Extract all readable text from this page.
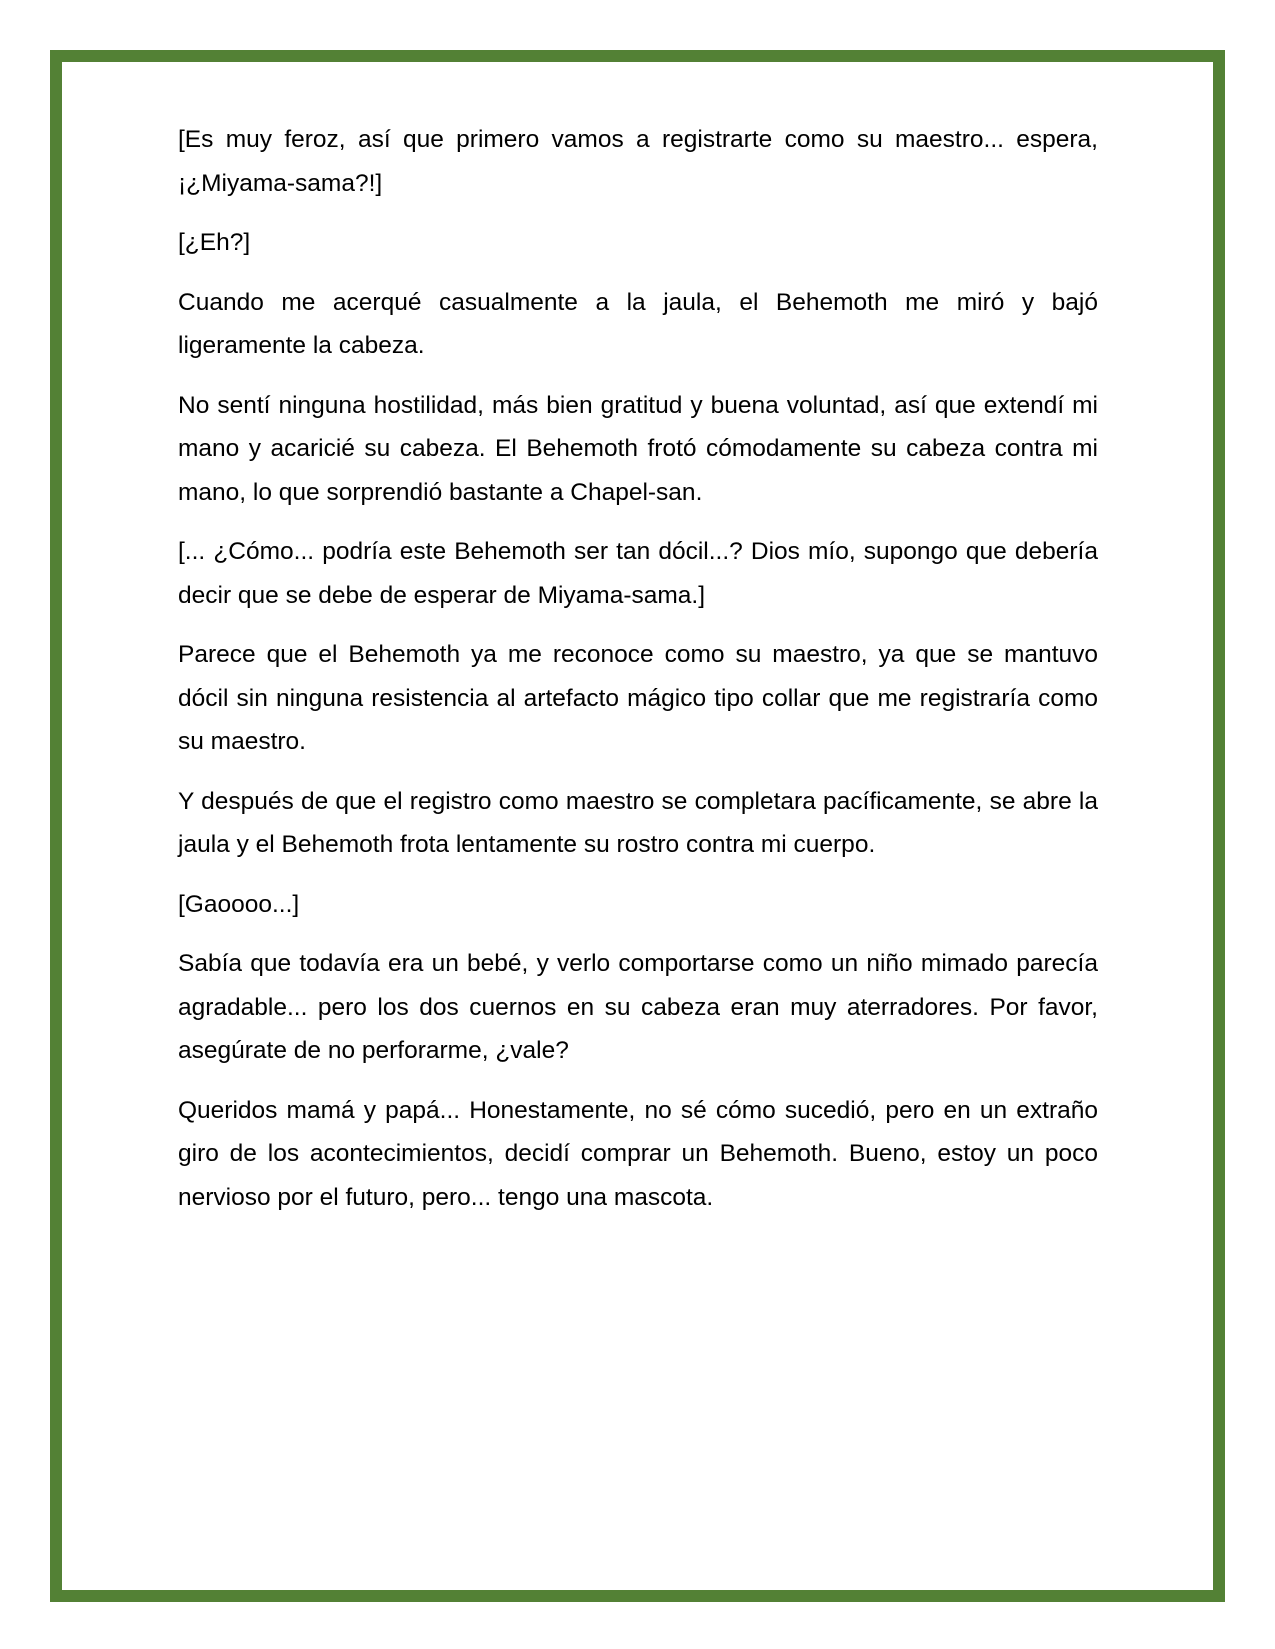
[Es muy feroz, así que primero vamos a registrarte como su maestro... espera, ¡¿Miyama-sama?!]

[¿Eh?]

Cuando me acerqué casualmente a la jaula, el Behemoth me miró y bajó ligeramente la cabeza.

No sentí ninguna hostilidad, más bien gratitud y buena voluntad, así que extendí mi mano y acaricié su cabeza. El Behemoth frotó cómodamente su cabeza contra mi mano, lo que sorprendió bastante a Chapel-san.

[... ¿Cómo... podría este Behemoth ser tan dócil...? Dios mío, supongo que debería decir que se debe de esperar de Miyama-sama.]

Parece que el Behemoth ya me reconoce como su maestro, ya que se mantuvo dócil sin ninguna resistencia al artefacto mágico tipo collar que me registraría como su maestro.

Y después de que el registro como maestro se completara pacíficamente, se abre la jaula y el Behemoth frota lentamente su rostro contra mi cuerpo.

[Gaoooo...]

Sabía que todavía era un bebé, y verlo comportarse como un niño mimado parecía agradable... pero los dos cuernos en su cabeza eran muy aterradores. Por favor, asegúrate de no perforarme, ¿vale?

Queridos mamá y papá... Honestamente, no sé cómo sucedió, pero en un extraño giro de los acontecimientos, decidí comprar un Behemoth. Bueno, estoy un poco nervioso por el futuro, pero... tengo una mascota.
